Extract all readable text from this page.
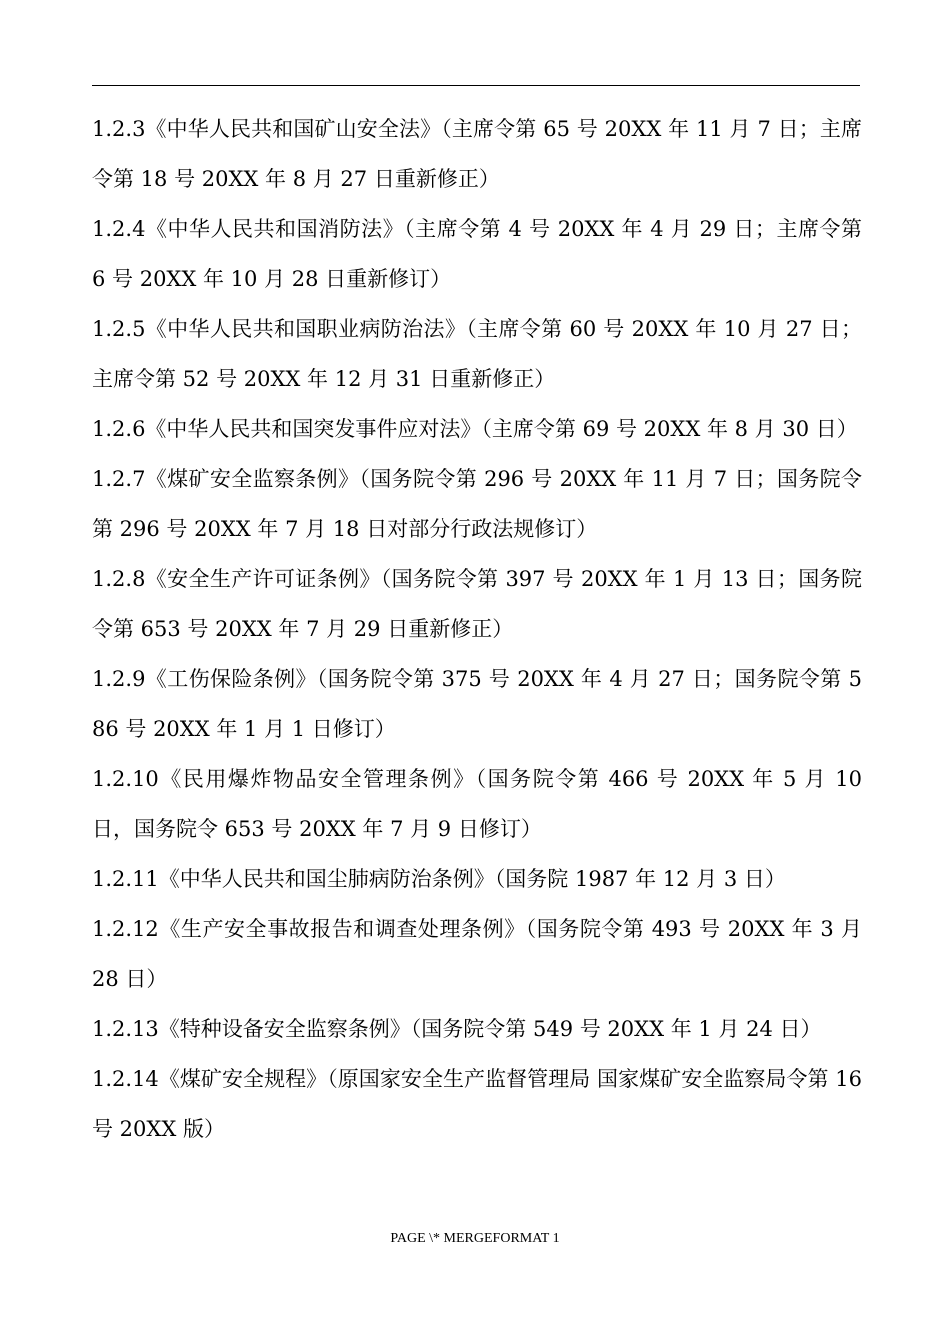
1.2.3《中华人民共和国矿山安全法》（主席令第 65 号 20XX 年 11 月 7 日；主席令第 18 号 20XX 年 8 月 27 日重新修正）

1.2.4《中华人民共和国消防法》（主席令第 4 号 20XX 年 4 月 29 日；主席令第 6 号 20XX 年 10 月 28 日重新修订）

1.2.5《中华人民共和国职业病防治法》（主席令第 60 号 20XX 年 10 月 27 日；主席令第 52 号 20XX 年 12 月 31 日重新修正）

1.2.6《中华人民共和国突发事件应对法》（主席令第 69 号 20XX 年 8 月 30 日）

1.2.7《煤矿安全监察条例》（国务院令第 296 号 20XX 年 11 月 7 日；国务院令第 296 号 20XX 年 7 月 18 日对部分行政法规修订）

1.2.8《安全生产许可证条例》（国务院令第 397 号 20XX 年 1 月 13 日；国务院令第 653 号 20XX 年 7 月 29 日重新修正）

1.2.9《工伤保险条例》（国务院令第 375 号 20XX 年 4 月 27 日；国务院令第 586 号 20XX 年 1 月 1 日修订）

1.2.10《民用爆炸物品安全管理条例》（国务院令第 466 号 20XX 年 5 月 10 日，国务院令 653 号 20XX 年 7 月 9 日修订）

1.2.11《中华人民共和国尘肺病防治条例》（国务院 1987 年 12 月 3 日）

1.2.12《生产安全事故报告和调查处理条例》（国务院令第 493 号 20XX 年 3 月 28 日）

1.2.13《特种设备安全监察条例》（国务院令第 549 号 20XX 年 1 月 24 日）

1.2.14《煤矿安全规程》（原国家安全生产监督管理局 国家煤矿安全监察局令第 16 号 20XX 版）

PAGE \* MERGEFORMAT 1
